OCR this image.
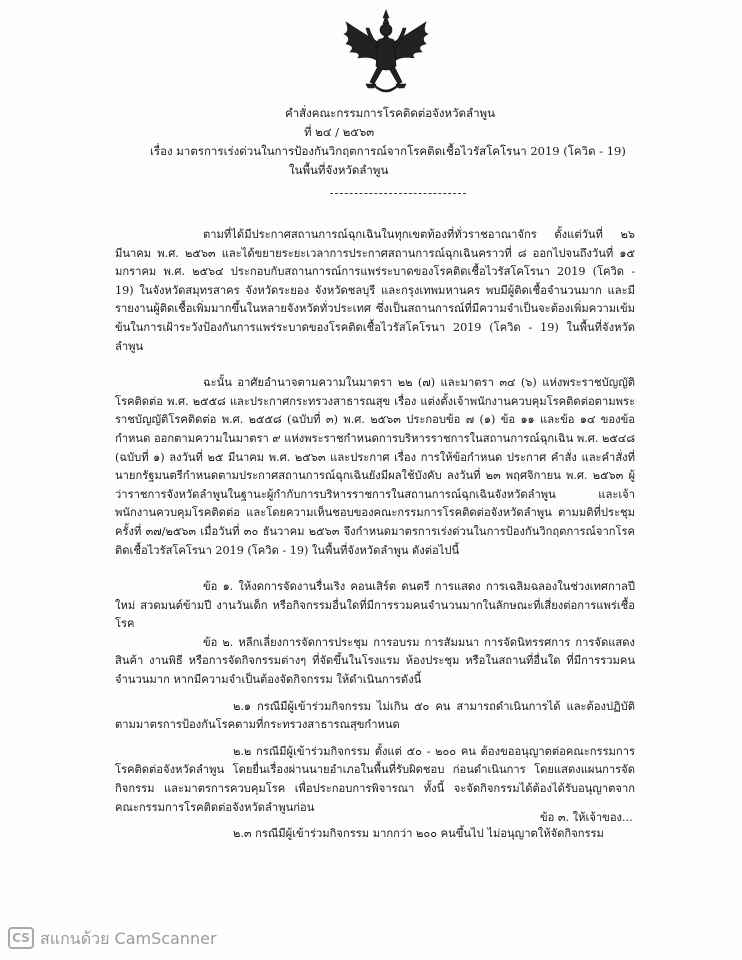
คำสั่งคณะกรรมการโรคติดต่อจังหวัดลำพูน
ที่ ๒๔ / ๒๕๖๓
เรื่อง มาตรการเร่งด่วนในการป้องกันวิกฤตการณ์จากโรคติดเชื้อไวรัสโคโรนา 2019 (โควิด - 19)
ในพื้นที่จังหวัดลำพูน

ตามที่ได้มีประกาศสถานการณ์ฉุกเฉินในทุกเขตท้องที่ทั่วราชอาณาจักร ตั้งแต่วันที่ ๒๖ มีนาคม พ.ศ. ๒๕๖๓ และได้ขยายระยะเวลาการประกาศสถานการณ์ฉุกเฉินคราวที่ ๘ ออกไปจนถึงวันที่ ๑๕ มกราคม พ.ศ. ๒๕๖๔ ประกอบกับสถานการณ์การแพร่ระบาดของโรคติดเชื้อไวรัสโคโรนา 2019 (โควิด - 19) ในจังหวัดสมุทรสาคร จังหวัดระยอง จังหวัดชลบุรี และกรุงเทพมหานคร พบมีผู้ติดเชื้อจำนวนมาก และมีรายงานผู้ติดเชื้อเพิ่มมากขึ้นในหลายจังหวัดทั่วประเทศ ซึ่งเป็นสถานการณ์ที่มีความจำเป็นจะต้องเพิ่มความเข้มข้นในการเฝ้าระวังป้องกันการแพร่ระบาดของโรคติดเชื้อไวรัสโคโรนา 2019 (โควิด - 19) ในพื้นที่จังหวัดลำพูน

ฉะนั้น อาศัยอำนาจตามความในมาตรา ๒๒ (๗) และมาตรา ๓๔ (๖) แห่งพระราชบัญญัติโรคติดต่อ พ.ศ. ๒๕๕๘ และประกาศกระทรวงสาธารณสุข เรื่อง แต่งตั้งเจ้าพนักงานควบคุมโรคติดต่อตามพระราชบัญญัติโรคติดต่อ พ.ศ. ๒๕๕๘ (ฉบับที่ ๓) พ.ศ. ๒๕๖๓ ประกอบข้อ ๗ (๑) ข้อ ๑๑ และข้อ ๑๔ ของข้อกำหนด ออกตามความในมาตรา ๙ แห่งพระราชกำหนดการบริหารราชการในสถานการณ์ฉุกเฉิน พ.ศ. ๒๕๔๘ (ฉบับที่ ๑) ลงวันที่ ๒๕ มีนาคม พ.ศ. ๒๕๖๓ และประกาศ เรื่อง การให้ข้อกำหนด ประกาศ คำสั่ง และคำสั่งที่นายกรัฐมนตรีกำหนดตามประกาศสถานการณ์ฉุกเฉินยังมีผลใช้บังคับ ลงวันที่ ๒๓ พฤศจิกายน พ.ศ. ๒๕๖๓ ผู้ว่าราชการจังหวัดลำพูนในฐานะผู้กำกับการบริหารราชการในสถานการณ์ฉุกเฉินจังหวัดลำพูน และเจ้าพนักงานควบคุมโรคติดต่อ และโดยความเห็นชอบของคณะกรรมการโรคติดต่อจังหวัดลำพูน ตามมติที่ประชุมครั้งที่ ๓๗/๒๕๖๓ เมื่อวันที่ ๓๐ ธันวาคม ๒๕๖๓ จึงกำหนดมาตรการเร่งด่วนในการป้องกันวิกฤตการณ์จากโรคติดเชื้อไวรัสโคโรนา 2019 (โควิด - 19) ในพื้นที่จังหวัดลำพูน ดังต่อไปนี้

ข้อ ๑. ให้งดการจัดงานรื่นเริง คอนเสิร์ต ดนตรี การแสดง การเฉลิมฉลองในช่วงเทศกาลปีใหม่ สวดมนต์ข้ามปี งานวันเด็ก หรือกิจกรรมอื่นใดที่มีการรวมคนจำนวนมากในลักษณะที่เสี่ยงต่อการแพร่เชื้อโรค

ข้อ ๒. หลีกเลี่ยงการจัดการประชุม การอบรม การสัมมนา การจัดนิทรรศการ การจัดแสดงสินค้า งานพิธี หรือการจัดกิจกรรมต่างๆ ที่จัดขึ้นในโรงแรม ห้องประชุม หรือในสถานที่อื่นใด ที่มีการรวมคนจำนวนมาก หากมีความจำเป็นต้องจัดกิจกรรม ให้ดำเนินการดังนี้

๒.๑ กรณีมีผู้เข้าร่วมกิจกรรม ไม่เกิน ๕๐ คน สามารถดำเนินการได้ และต้องปฏิบัติตามมาตรการป้องกันโรคตามที่กระทรวงสาธารณสุขกำหนด

๒.๒ กรณีมีผู้เข้าร่วมกิจกรรม ตั้งแต่ ๕๐ - ๒๐๐ คน ต้องขออนุญาตต่อคณะกรรมการโรคติดต่อจังหวัดลำพูน โดยยื่นเรื่องผ่านนายอำเภอในพื้นที่รับผิดชอบ ก่อนดำเนินการ โดยแสดงแผนการจัดกิจกรรม และมาตรการควบคุมโรค เพื่อประกอบการพิจารณา ทั้งนี้ จะจัดกิจกรรมได้ต้องได้รับอนุญาตจากคณะกรรมการโรคติดต่อจังหวัดลำพูนก่อน

๒.๓ กรณีมีผู้เข้าร่วมกิจกรรม มากกว่า ๒๐๐ คนขึ้นไป ไม่อนุญาตให้จัดกิจกรรม

ข้อ ๓. ให้เจ้าของ...
CS สแกนด้วย CamScanner
